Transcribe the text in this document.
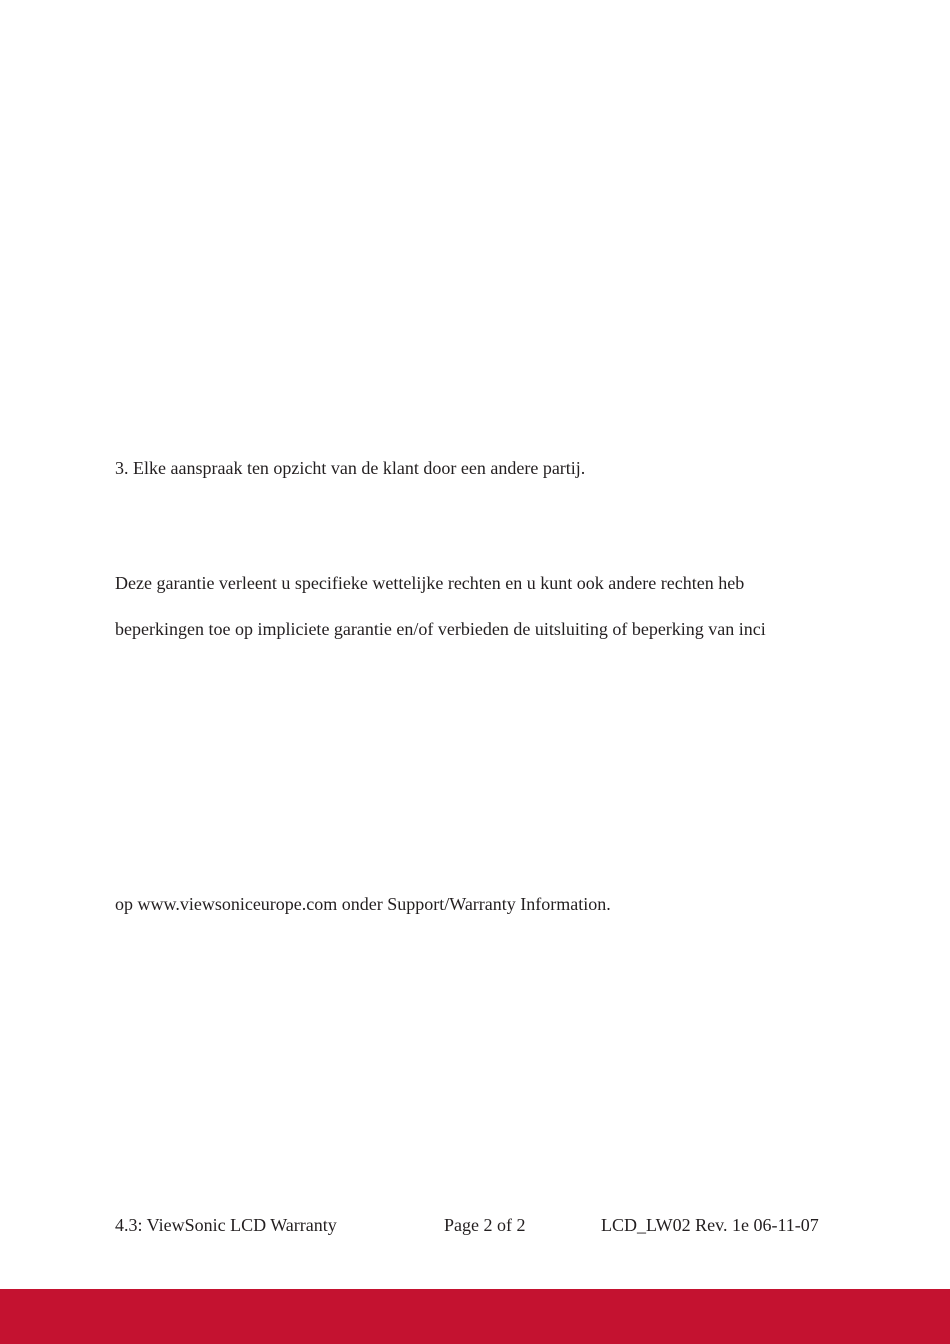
3. Elke aanspraak ten opzicht van de klant door een andere partij.
Deze garantie verleent u specifieke wettelijke rechten en u kunt ook andere rechten heb
beperkingen toe op impliciete garantie en/of verbieden de uitsluiting of beperking van inci
op www.viewsoniceurope.com onder Support/Warranty Information.
4.3: ViewSonic LCD Warranty	Page 2 of 2	LCD_LW02 Rev. 1e 06-11-07
